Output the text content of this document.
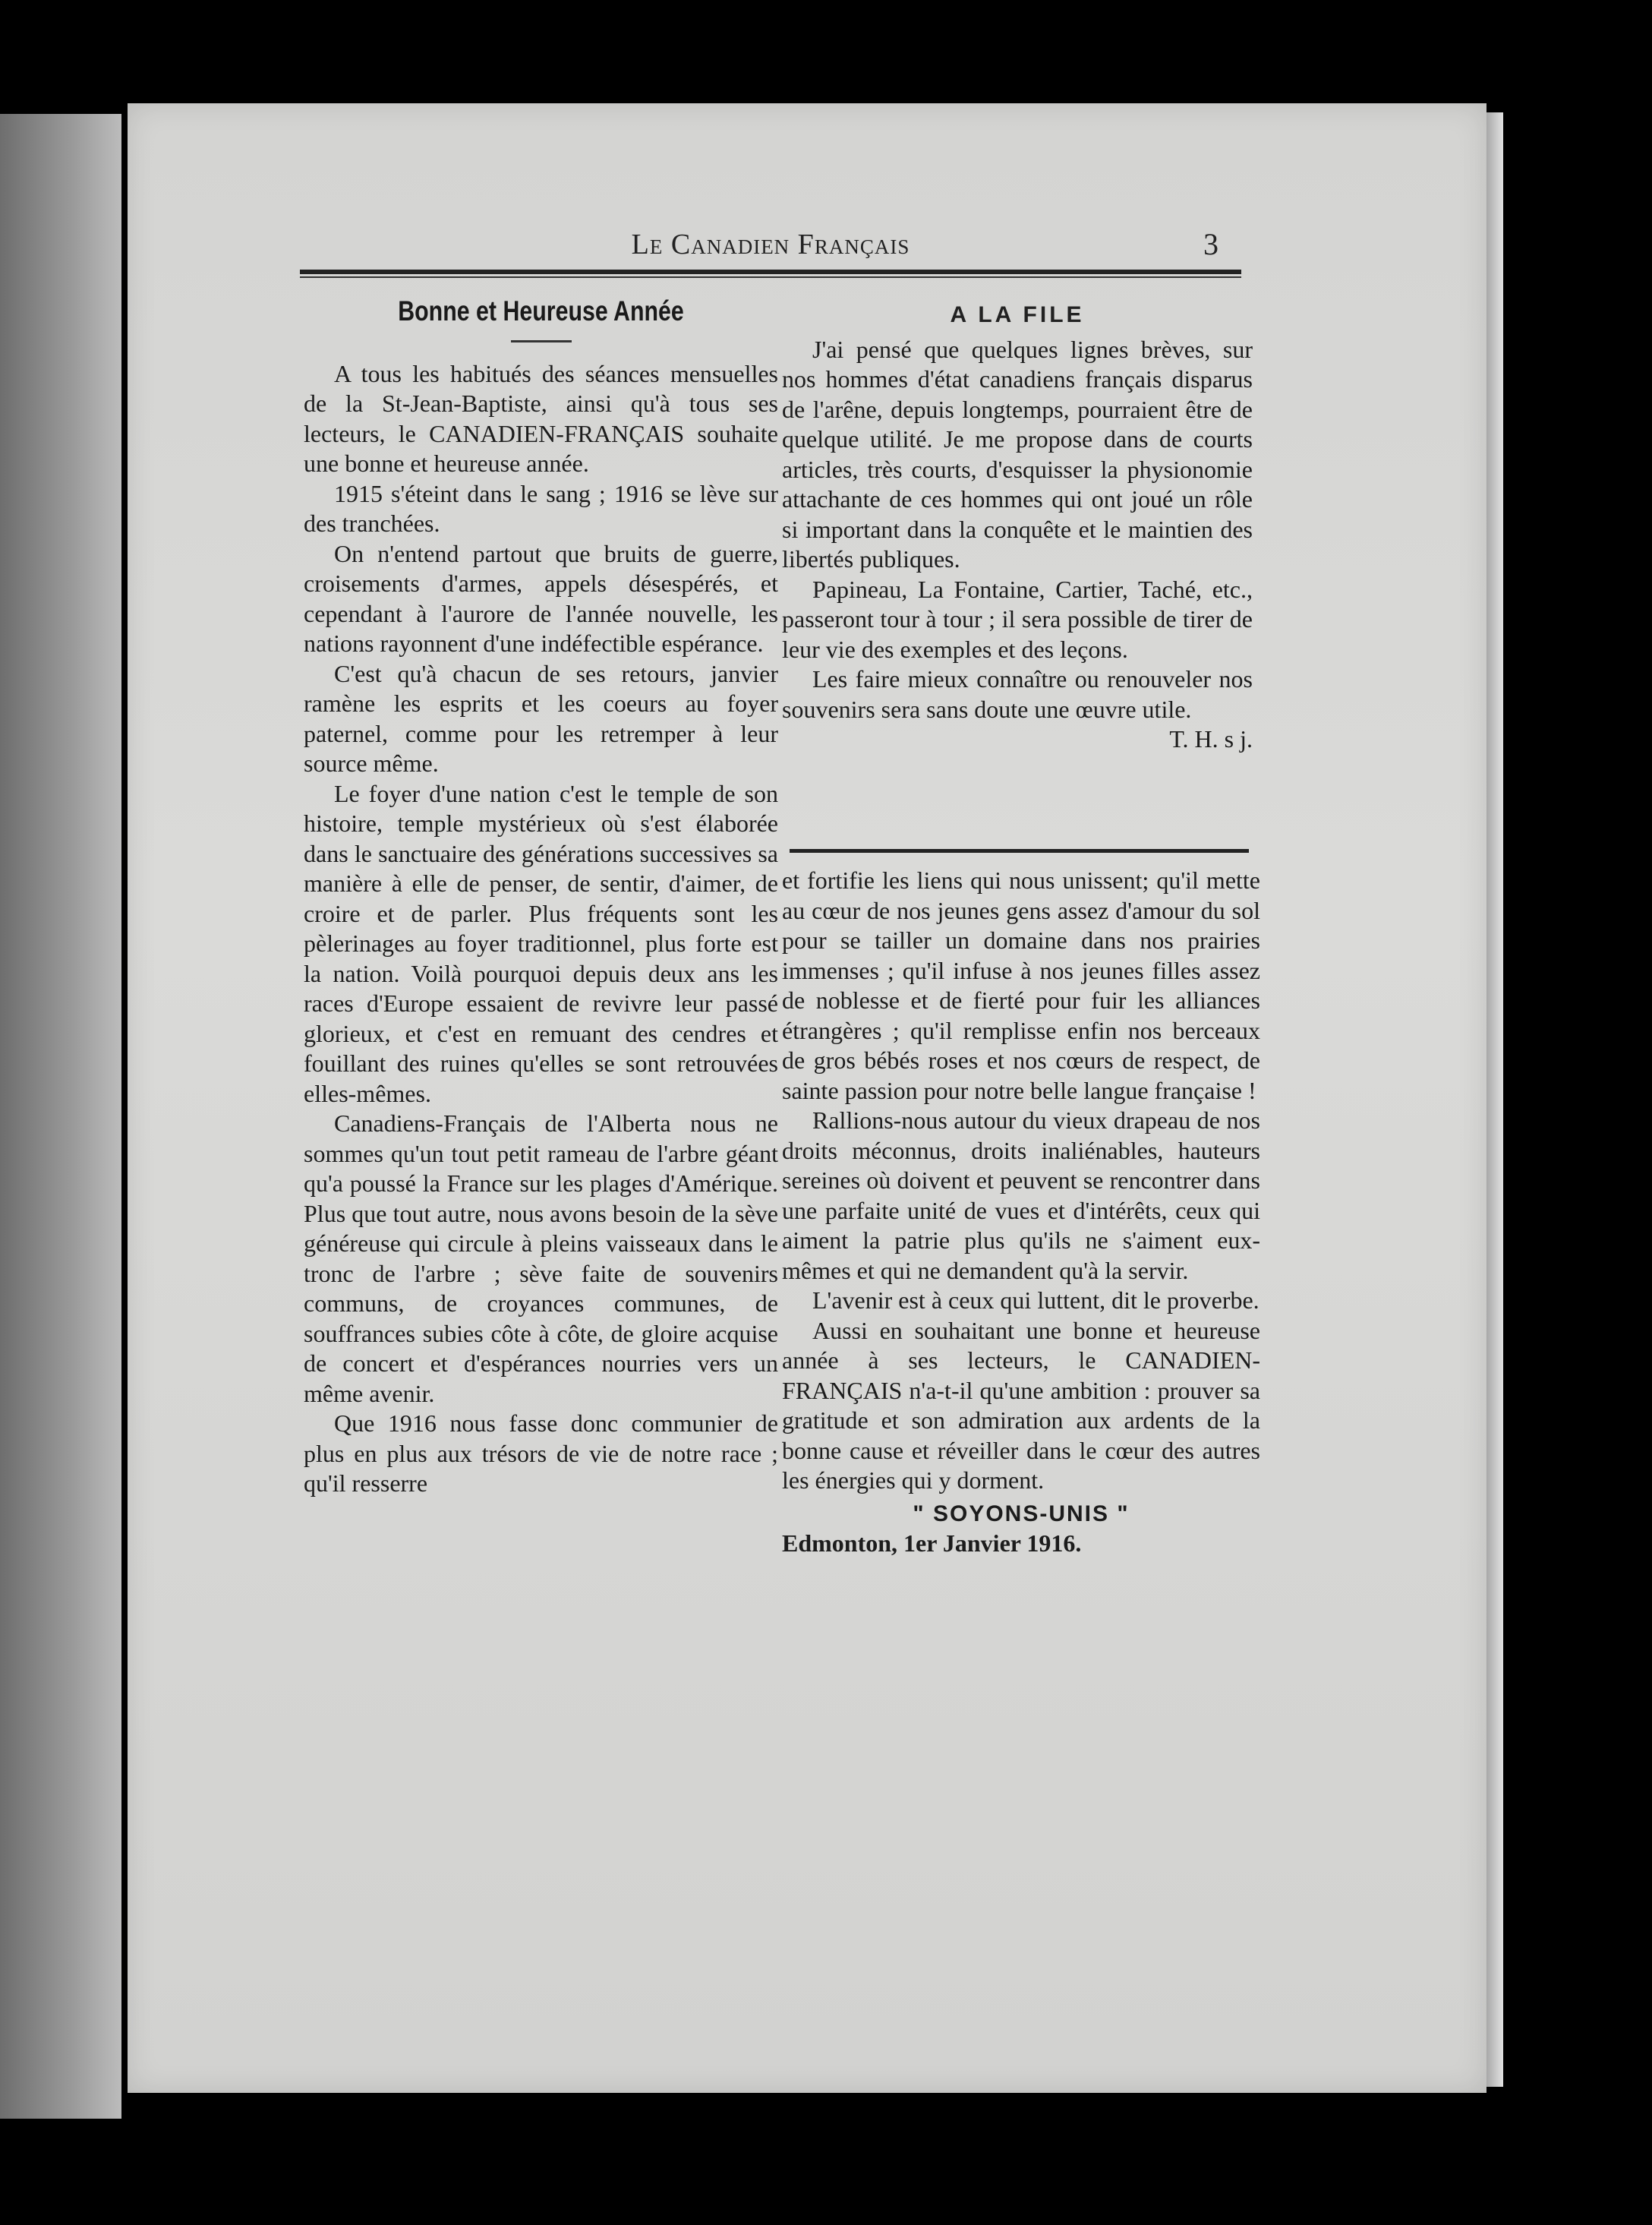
Le Canadien Français	3
Bonne et Heureuse Année

A tous les habitués des séances mensuelles de la St-Jean-Baptiste, ainsi qu'à tous ses lecteurs, le CANADIEN-FRANÇAIS souhaite une bonne et heureuse année.

1915 s'éteint dans le sang ; 1916 se lève sur des tranchées.

On n'entend partout que bruits de guerre, croisements d'armes, appels désespérés, et cependant à l'aurore de l'année nouvelle, les nations rayonnent d'une indéfectible espérance.

C'est qu'à chacun de ses retours, janvier ramène les esprits et les coeurs au foyer paternel, comme pour les retremper à leur source même.

Le foyer d'une nation c'est le temple de son histoire, temple mystérieux où s'est élaborée dans le sanctuaire des générations successives sa manière à elle de penser, de sentir, d'aimer, de croire et de parler. Plus fréquents sont les pèlerinages au foyer traditionnel, plus forte est la nation. Voilà pourquoi depuis deux ans les races d'Europe essaient de revivre leur passé glorieux, et c'est en remuant des cendres et fouillant des ruines qu'elles se sont retrouvées elles-mêmes.

Canadiens-Français de l'Alberta nous ne sommes qu'un tout petit rameau de l'arbre géant qu'a poussé la France sur les plages d'Amérique. Plus que tout autre, nous avons besoin de la sève généreuse qui circule à pleins vaisseaux dans le tronc de l'arbre ; sève faite de souvenirs communs, de croyances communes, de souffrances subies côte à côte, de gloire acquise de concert et d'espérances nourries vers un même avenir.

Que 1916 nous fasse donc communier de plus en plus aux trésors de vie de notre race ; qu'il resserre

A LA FILE

J'ai pensé que quelques lignes brèves, sur nos hommes d'état canadiens français disparus de l'arêne, depuis longtemps, pourraient être de quelque utilité. Je me propose dans de courts articles, très courts, d'esquisser la physionomie attachante de ces hommes qui ont joué un rôle si important dans la conquête et le maintien des libertés publiques.

Papineau, La Fontaine, Cartier, Taché, etc., passeront tour à tour ; il sera possible de tirer de leur vie des exemples et des leçons.

Les faire mieux connaître ou renouveler nos souvenirs sera sans doute une œuvre utile.

T. H. s j.

et fortifie les liens qui nous unissent; qu'il mette au cœur de nos jeunes gens assez d'amour du sol pour se tailler un domaine dans nos prairies immenses ; qu'il infuse à nos jeunes filles assez de noblesse et de fierté pour fuir les alliances étrangères ; qu'il remplisse enfin nos berceaux de gros bébés roses et nos cœurs de respect, de sainte passion pour notre belle langue française !

Rallions-nous autour du vieux drapeau de nos droits méconnus, droits inaliénables, hauteurs sereines où doivent et peuvent se rencontrer dans une parfaite unité de vues et d'intérêts, ceux qui aiment la patrie plus qu'ils ne s'aiment eux-mêmes et qui ne demandent qu'à la servir.

L'avenir est à ceux qui luttent, dit le proverbe.

Aussi en souhaitant une bonne et heureuse année à ses lecteurs, le CANADIEN-FRANÇAIS n'a-t-il qu'une ambition : prouver sa gratitude et son admiration aux ardents de la bonne cause et réveiller dans le cœur des autres les énergies qui y dorment.

" SOYONS-UNIS "

Edmonton, 1er Janvier 1916.
